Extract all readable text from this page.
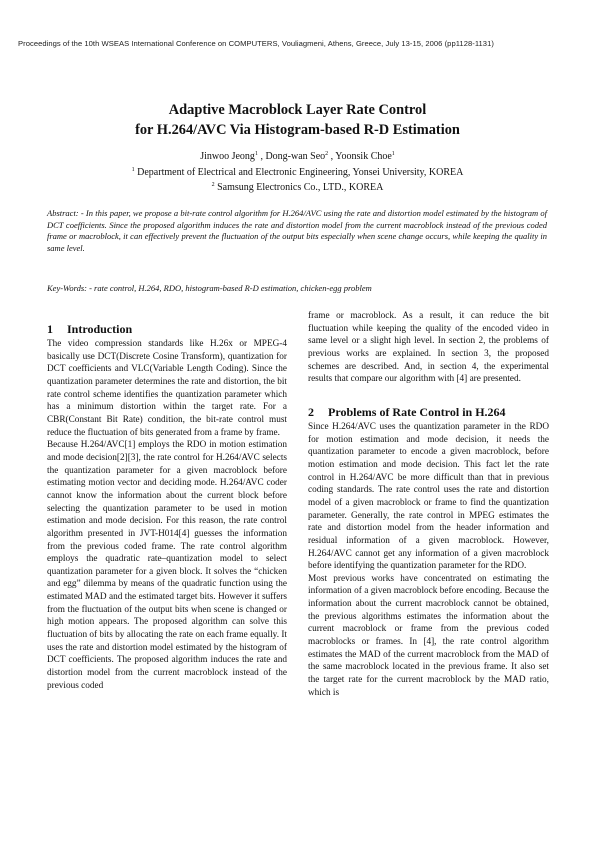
Proceedings of the 10th WSEAS International Conference on COMPUTERS, Vouliagmeni, Athens, Greece, July 13-15, 2006 (pp1128-1131)
Adaptive Macroblock Layer Rate Control
for H.264/AVC Via Histogram-based R-D Estimation
Jinwoo Jeong$^1$ , Dong-wan Seo$^2$ , Yoonsik Choe$^1$
$^1$ Department of Electrical and Electronic Engineering, Yonsei University, KOREA
$^2$ Samsung Electronics Co., LTD., KOREA
Abstract: - In this paper, we propose a bit-rate control algorithm for H.264/AVC using the rate and distortion model estimated by the histogram of DCT coefficients. Since the proposed algorithm induces the rate and distortion model from the current macroblock instead of the previous coded frame or macroblock, it can effectively prevent the fluctuation of the output bits especially when scene change occurs, while keeping the quality in same level.
Key-Words: - rate control, H.264, RDO, histogram-based R-D estimation, chicken-egg problem
1 Introduction

The video compression standards like H.26x or MPEG-4 basically use DCT(Discrete Cosine Transform), quantization for DCT coefficients and VLC(Variable Length Coding). Since the quantization parameter determines the rate and distortion, the bit rate control scheme identifies the quantization parameter which has a minimum distortion within the target rate. For a CBR(Constant Bit Rate) condition, the bit-rate control must reduce the fluctuation of bits generated from a frame by frame.

Because H.264/AVC[1] employs the RDO in motion estimation and mode decision[2][3], the rate control for H.264/AVC selects the quantization parameter for a given macroblock before estimating motion vector and deciding mode. H.264/AVC coder cannot know the information about the current block before selecting the quantization parameter to be used in motion estimation and mode decision. For this reason, the rate control algorithm presented in JVT-H014[4] guesses the information from the previous coded frame. The rate control algorithm employs the quadratic rate–quantization model to select quantization parameter for a given block. It solves the “chicken and egg” dilemma by means of the quadratic function using the estimated MAD and the estimated target bits. However it suffers from the fluctuation of the output bits when scene is changed or high motion appears. The proposed algorithm can solve this fluctuation of bits by allocating the rate on each frame equally. It uses the rate and distortion model estimated by the histogram of DCT coefficients. The proposed algorithm induces the rate and distortion model from the current macroblock instead of the previous coded

frame or macroblock. As a result, it can reduce the bit fluctuation while keeping the quality of the encoded video in same level or a slight high level. In section 2, the problems of previous works are explained. In section 3, the proposed schemes are described. And, in section 4, the experimental results that compare our algorithm with [4] are presented.

2 Problems of Rate Control in H.264

Since H.264/AVC uses the quantization parameter in the RDO for motion estimation and mode decision, it needs the quantization parameter to encode a given macroblock, before motion estimation and mode decision. This fact let the rate control in H.264/AVC be more difficult than that in previous coding standards. The rate control uses the rate and distortion model of a given macroblock or frame to find the quantization parameter. Generally, the rate control in MPEG estimates the rate and distortion model from the header information and residual information of a given macroblock. However, H.264/AVC cannot get any information of a given macroblock before identifying the quantization parameter for the RDO.

Most previous works have concentrated on estimating the information of a given macroblock before encoding. Because the information about the current macroblock cannot be obtained, the previous algorithms estimates the information about the current macroblock or frame from the previous coded macroblocks or frames. In [4], the rate control algorithm estimates the MAD of the current macroblock from the MAD of the same macroblock located in the previous frame. It also set the target rate for the current macroblock by the MAD ratio, which is
